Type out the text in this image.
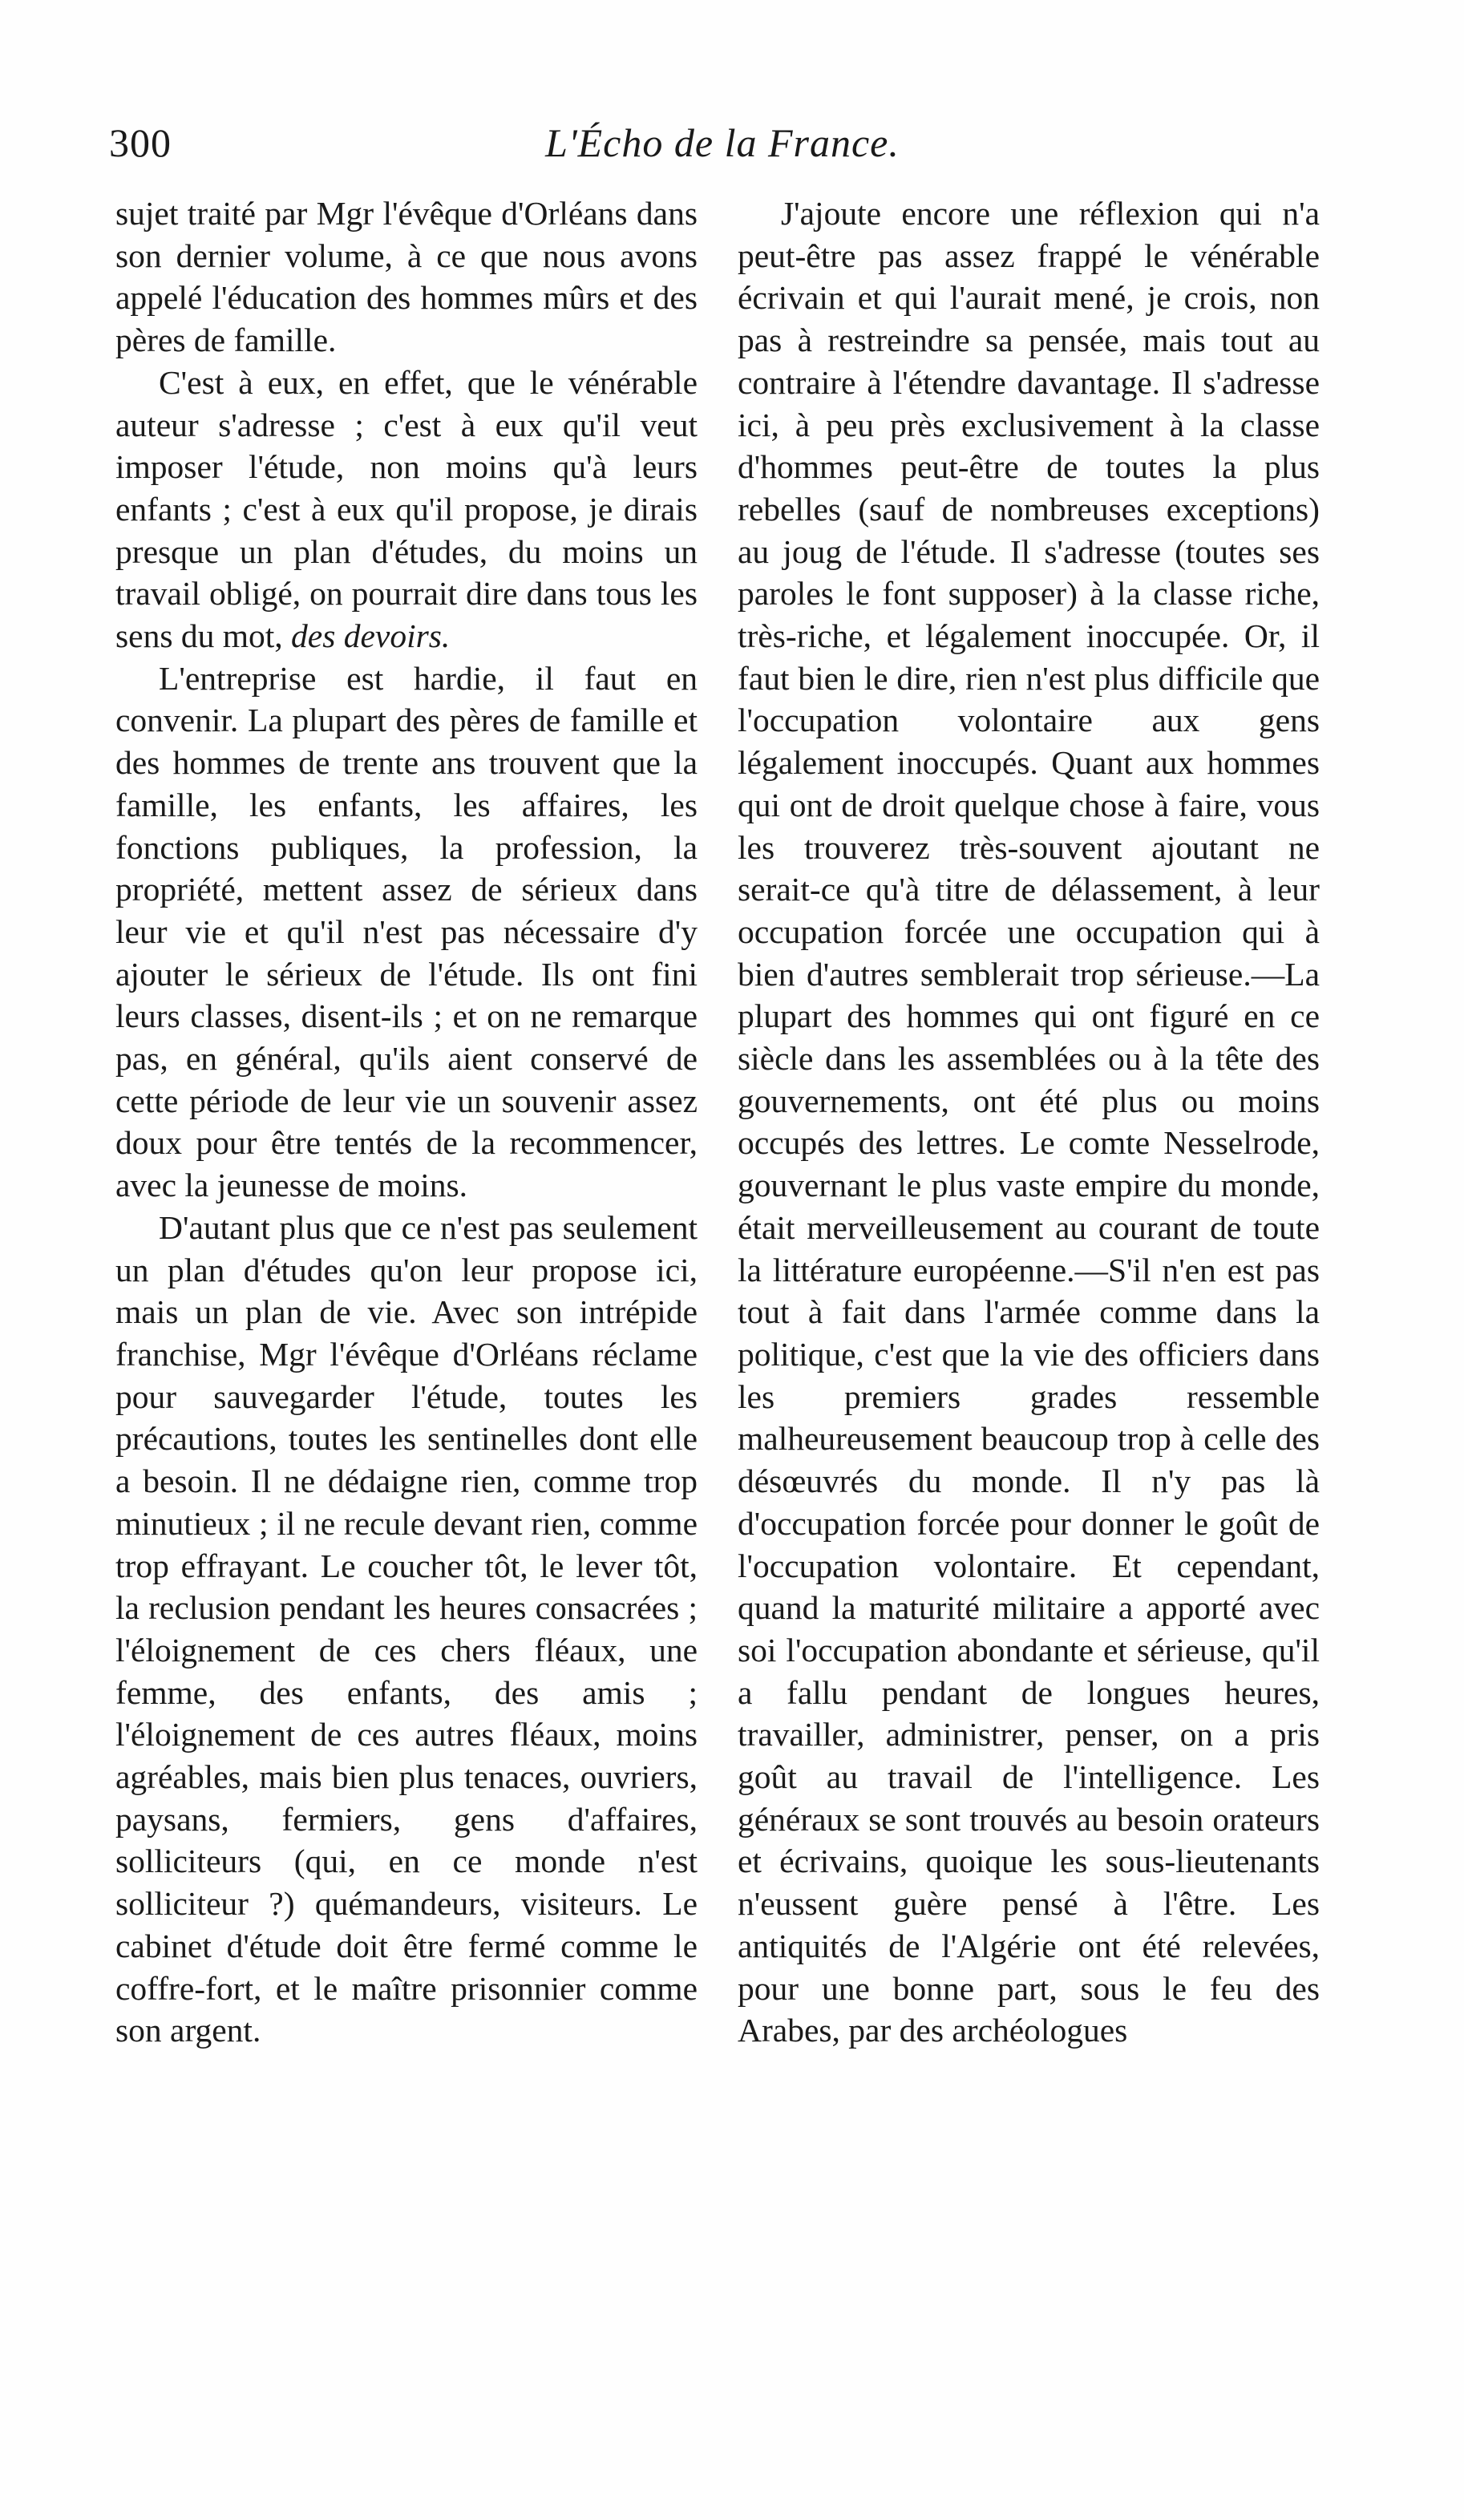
300	L'Écho de la France.

sujet traité par Mgr l'évêque d'Orléans dans son dernier volume, à ce que nous avons appelé l'éducation des hommes mûrs et des pères de famille.

C'est à eux, en effet, que le vénérable auteur s'adresse ; c'est à eux qu'il veut imposer l'étude, non moins qu'à leurs enfants ; c'est à eux qu'il propose, je dirais presque un plan d'études, du moins un travail obligé, on pourrait dire dans tous les sens du mot, des devoirs.

L'entreprise est hardie, il faut en convenir. La plupart des pères de famille et des hommes de trente ans trouvent que la famille, les enfants, les affaires, les fonctions publiques, la profession, la propriété, mettent assez de sérieux dans leur vie et qu'il n'est pas nécessaire d'y ajouter le sérieux de l'étude. Ils ont fini leurs classes, disent-ils ; et on ne remarque pas, en général, qu'ils aient conservé de cette période de leur vie un souvenir assez doux pour être tentés de la recommencer, avec la jeunesse de moins.

D'autant plus que ce n'est pas seulement un plan d'études qu'on leur propose ici, mais un plan de vie. Avec son intrépide franchise, Mgr l'évêque d'Orléans réclame pour sauvegarder l'étude, toutes les précautions, toutes les sentinelles dont elle a besoin. Il ne dédaigne rien, comme trop minutieux ; il ne recule devant rien, comme trop effrayant. Le coucher tôt, le lever tôt, la reclusion pendant les heures consacrées ; l'éloignement de ces chers fléaux, une femme, des enfants, des amis ; l'éloignement de ces autres fléaux, moins agréables, mais bien plus tenaces, ouvriers, paysans, fermiers, gens d'affaires, solliciteurs (qui, en ce monde n'est solliciteur ?) quémandeurs, visiteurs. Le cabinet d'étude doit être fermé comme le coffre-fort, et le maître prisonnier comme son argent.

J'ajoute encore une réflexion qui n'a peut-être pas assez frappé le vénérable écrivain et qui l'aurait mené, je crois, non pas à restreindre sa pensée, mais tout au contraire à l'étendre davantage. Il s'adresse ici, à peu près exclusivement à la classe d'hommes peut-être de toutes la plus rebelles (sauf de nombreuses exceptions) au joug de l'étude. Il s'adresse (toutes ses paroles le font supposer) à la classe riche, très-riche, et légalement inoccupée. Or, il faut bien le dire, rien n'est plus difficile que l'occupation volontaire aux gens légalement inoccupés. Quant aux hommes qui ont de droit quelque chose à faire, vous les trouverez très-souvent ajoutant ne serait-ce qu'à titre de délassement, à leur occupation forcée une occupation qui à bien d'autres semblerait trop sérieuse.—La plupart des hommes qui ont figuré en ce siècle dans les assemblées ou à la tête des gouvernements, ont été plus ou moins occupés des lettres. Le comte Nesselrode, gouvernant le plus vaste empire du monde, était merveilleusement au courant de toute la littérature européenne.—S'il n'en est pas tout à fait dans l'armée comme dans la politique, c'est que la vie des officiers dans les premiers grades ressemble malheureusement beaucoup trop à celle des désœuvrés du monde. Il n'y pas là d'occupation forcée pour donner le goût de l'occupation volontaire. Et cependant, quand la maturité militaire a apporté avec soi l'occupation abondante et sérieuse, qu'il a fallu pendant de longues heures, travailler, administrer, penser, on a pris goût au travail de l'intelligence. Les généraux se sont trouvés au besoin orateurs et écrivains, quoique les sous-lieutenants n'eussent guère pensé à l'être. Les antiquités de l'Algérie ont été relevées, pour une bonne part, sous le feu des Arabes, par des archéologues
